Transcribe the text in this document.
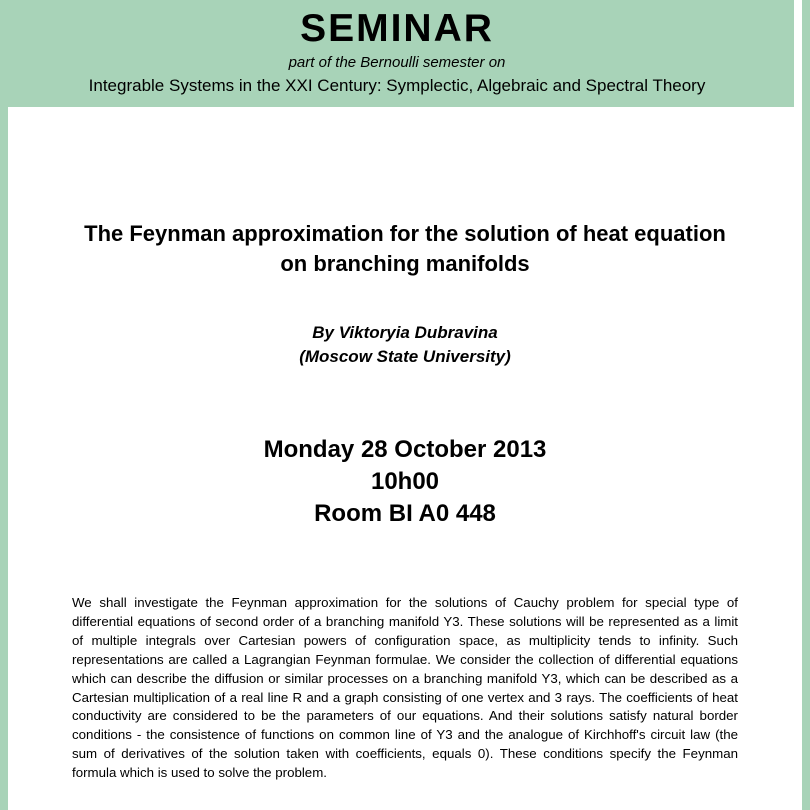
SEMINAR
part of the Bernoulli semester on
Integrable Systems in the XXI Century: Symplectic, Algebraic and Spectral Theory
The Feynman approximation for the solution of heat equation
on branching manifolds
By Viktoryia Dubravina
(Moscow State University)
Monday 28 October 2013
10h00
Room BI A0 448
We shall investigate the Feynman approximation for the solutions of Cauchy problem for special type of differential equations of second order of a branching manifold Y3. These solutions will be represented as a limit of multiple integrals over Cartesian powers of configuration space, as multiplicity tends to infinity. Such representations are called a Lagrangian Feynman formulae. We consider the collection of differential equations which can describe the diffusion or similar processes on a branching manifold Y3, which can be described as a Cartesian multiplication of a real line R and a graph consisting of one vertex and 3 rays. The coefficients of heat conductivity are considered to be the parameters of our equations. And their solutions satisfy natural border conditions - the consistence of functions on common line of Y3 and the analogue of Kirchhoff's circuit law (the sum of derivatives of the solution taken with coefficients, equals 0). These conditions specify the Feynman formula which is used to solve the problem.
